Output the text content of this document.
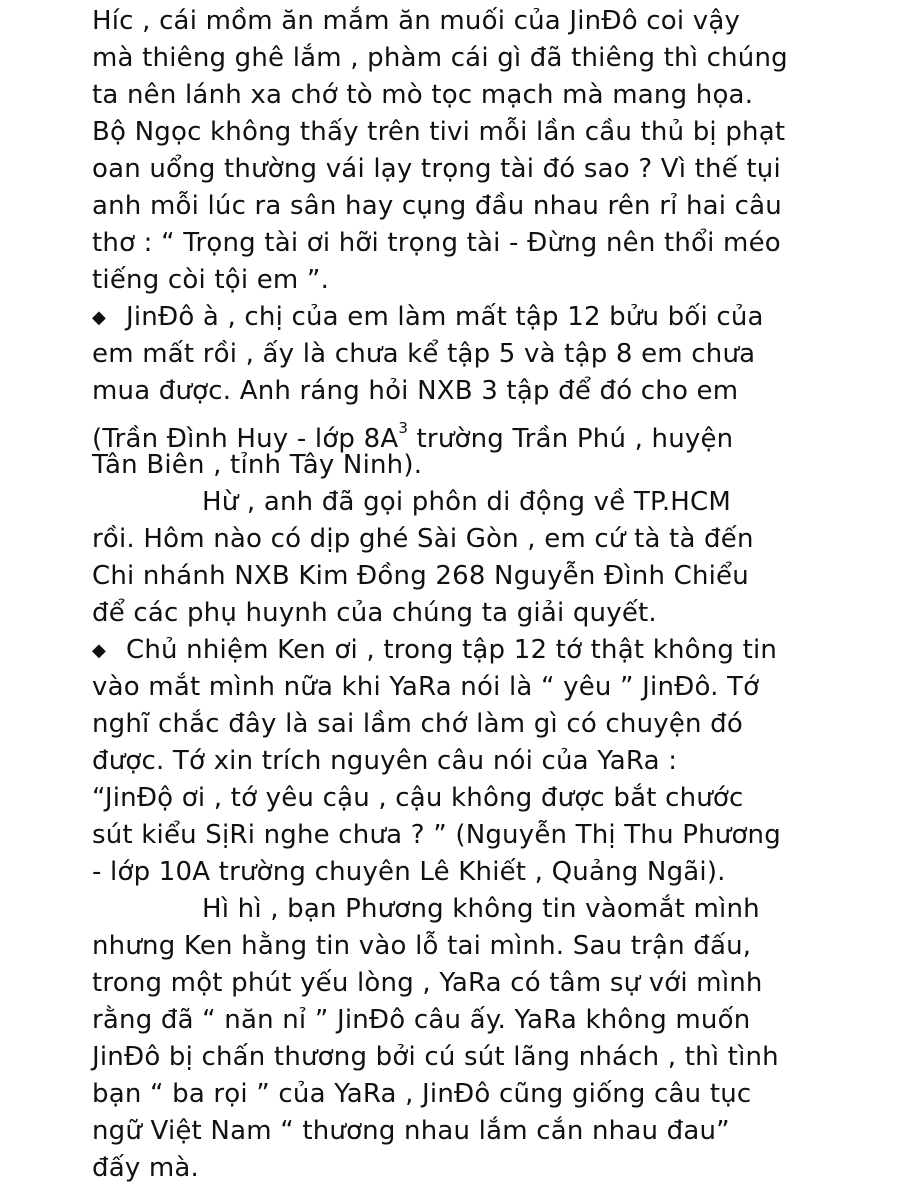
Híc , cái mồm ăn mắm ăn muối của JinĐô coi vậy
mà thiêng ghê lắm , phàm cái gì đã thiêng thì chúng
ta nên lánh xa chớ tò mò tọc mạch mà mang họa.
Bộ Ngọc không thấy trên tivi mỗi lần cầu thủ bị phạt
oan uổng thường vái lạy trọng tài đó sao ? Vì thế tụi
anh mỗi lúc ra sân hay cụng đầu nhau rên rỉ hai câu
thơ : “ Trọng tài ơi hỡi trọng tài - Đừng nên thổi méo
tiếng còi tội em ”.
◆ JinĐô à , chị của em làm mất tập 12 bửu bối của
em mất rồi , ấy là chưa kể tập 5 và tập 8 em chưa
mua được. Anh ráng hỏi NXB 3 tập để đó cho em
(Trần Đình Huy - lớp $8A^3$ trường Trần Phú , huyện
Tân Biên , tỉnh Tây Ninh).
Hừ , anh đã gọi phôn di động về TP.HCM
rồi. Hôm nào có dịp ghé Sài Gòn , em cứ tà tà đến
Chi nhánh NXB Kim Đồng 268 Nguyễn Đình Chiểu
để các phụ huynh của chúng ta giải quyết.
◆ Chủ nhiệm Ken ơi , trong tập 12 tớ thật không tin
vào mắt mình nữa khi YaRa nói là “ yêu ” JinĐô. Tớ
nghĩ chắc đây là sai lầm chớ làm gì có chuyện đó
được. Tớ xin trích nguyên câu nói của YaRa :
“JinĐộ ơi , tớ yêu cậu , cậu không được bắt chước
sút kiểu SịRi nghe chưa ? ” (Nguyễn Thị Thu Phương
- lớp 10A trường chuyên Lê Khiết , Quảng Ngãi).
Hì hì , bạn Phương không tin vàomắt mình
nhưng Ken hằng tin vào lỗ tai mình. Sau trận đấu,
trong một phút yếu lòng , YaRa có tâm sự với mình
rằng đã “ năn nỉ ” JinĐô câu ấy. YaRa không muốn
JinĐô bị chấn thương bởi cú sút lãng nhách , thì tình
bạn “ ba rọi ” của YaRa , JinĐô cũng giống câu tục
ngữ Việt Nam “ thương nhau lắm cắn nhau đau”
đấy mà.
